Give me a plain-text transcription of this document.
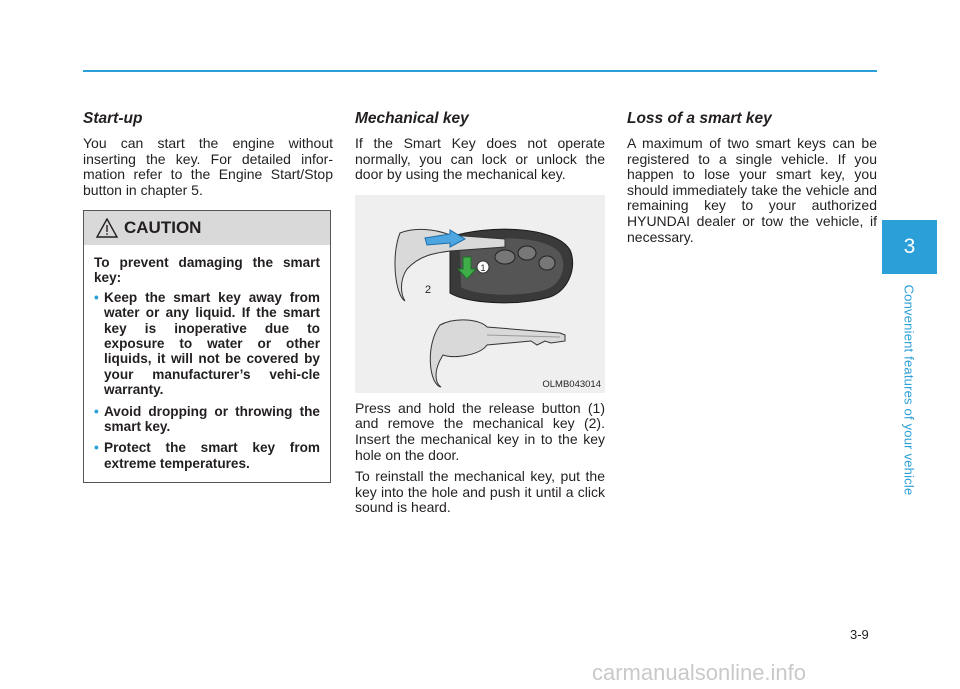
Start-up

You can start the engine without inserting the key. For detailed infor-mation refer to the Engine Start/Stop button in chapter 5.

CAUTION

To prevent damaging the smart key:

• Keep the smart key away from water or any liquid. If the smart key is inoperative due to exposure to water or other liquids, it will not be covered by your manufacturer’s vehi-cle warranty.
• Avoid dropping or throwing the smart key.
• Protect the smart key from extreme temperatures.
Mechanical key

If the Smart Key does not operate normally, you can lock or unlock the door by using the mechanical key.

1
2
OLMB043014

Press and hold the release button (1) and remove the mechanical key (2). Insert the mechanical key in to the key hole on the door.

To reinstall the mechanical key, put the key into the hole and push it until a click sound is heard.

Loss of a smart key

A maximum of two smart keys can be registered to a single vehicle. If you happen to lose your smart key, you should immediately take the vehicle and remaining key to your authorized HYUNDAI dealer or tow the vehicle, if necessary.	3
Convenient features of your vehicle
3-9
carmanualsonline.info
